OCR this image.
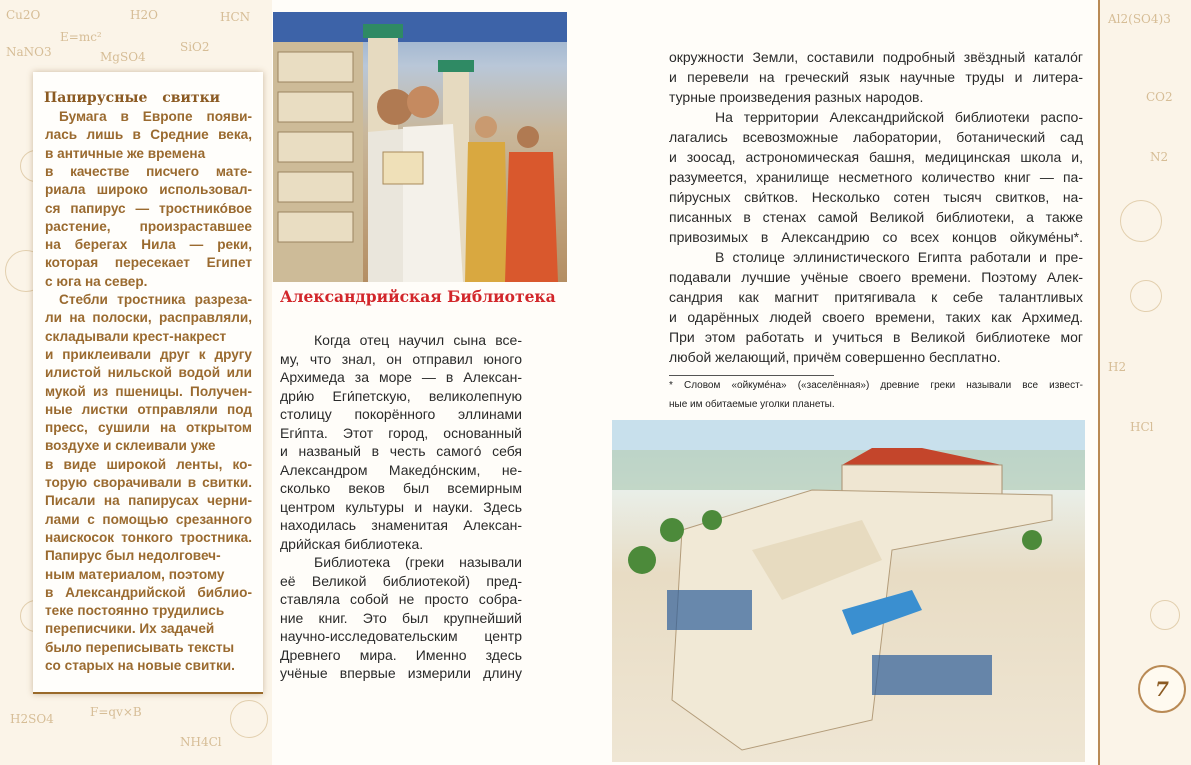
Cu2O
E=mc²
H2O
SiO2
HCN
NaNO3	MgSO4
H2SO4	F=qv×B
NH4Cl
Al2(SO4)3
N2
CO2
H2
HCl
Папирусные свитки
Бумага в Европе появи-
лась лишь в Средние века,
в античные же времена
в качестве писчего мате-
риала широко использовал-
ся папирус — тростникóвое
растение, произраставшее
на берегах Нила — реки,
которая пересекает Египет
с юга на север.
Стебли тростника разреза-
ли на полоски, расправляли,
складывали крест-накрест
и приклеивали друг к другу
илистой нильской водой или
мукой из пшеницы. Получен-
ные листки отправляли под
пресс, сушили на открытом
воздухе и склеивали уже
в виде широкой ленты, ко-
торую сворачивали в свитки.
Писали на папирусах черни-
лами с помощью срезанного
наискосок тонкого тростника.
Папирус был недолговеч-
ным материалом, поэтому
в Александрийской библио-
теке постоянно трудились
переписчики. Их задачей
было переписывать тексты
со старых на новые свитки.
Александрийская Библиотека
Когда отец научил сына все-
му, что знал, он отправил юного
Архимеда за море — в Алексан-
дри́ю Еги́петскую, великолепную
столицу покорённого эллинами
Еги́пта. Этот город, основанный
и названый в честь самогó себя
Александром Македóнским, не-
сколько веков был всемирным
центром культуры и науки. Здесь
находилась знаменитая Алексан-
дри́йская библиотека.
Библиотека (греки называли
её Великой библиотекой) пред-
ставляла собой не просто собра-
ние книг. Это был крупнейший
научно-исследовательским центр
Древнего мира. Именно здесь
учёные впервые измерили длину
окружности Земли, составили подробный звёздный каталóг
и перевели на греческий язык научные труды и литера-
турные произведения разных народов.
На территории Александрийской библиотеки распо-
лагались всевозможные лаборатории, ботанический сад
и зоосад, астрономическая башня, медицинская школа и,
разумеется, хранилище несметного количество книг — па-
пи́русных сви́тков. Несколько сотен тысяч свитков, на-
писанных в стенах самой Великой библиотеки, а также
привозимых в Александрию со всех концов ойкумéны*.
В столице эллинистического Египта работали и пре-
подавали лучшие учёные своего времени. Поэтому Алек-
сандрия как магнит притягивала к себе талантливых
и одарённых людей своего времени, таких как Архимед.
При этом работать и учиться в Великой библиотеке мог
любой желающий, причём совершенно бесплатно.
* Словом «ойкумéна» («заселённая») древние греки называли все извест-
ные им обитаемые уголки планеты.
7
